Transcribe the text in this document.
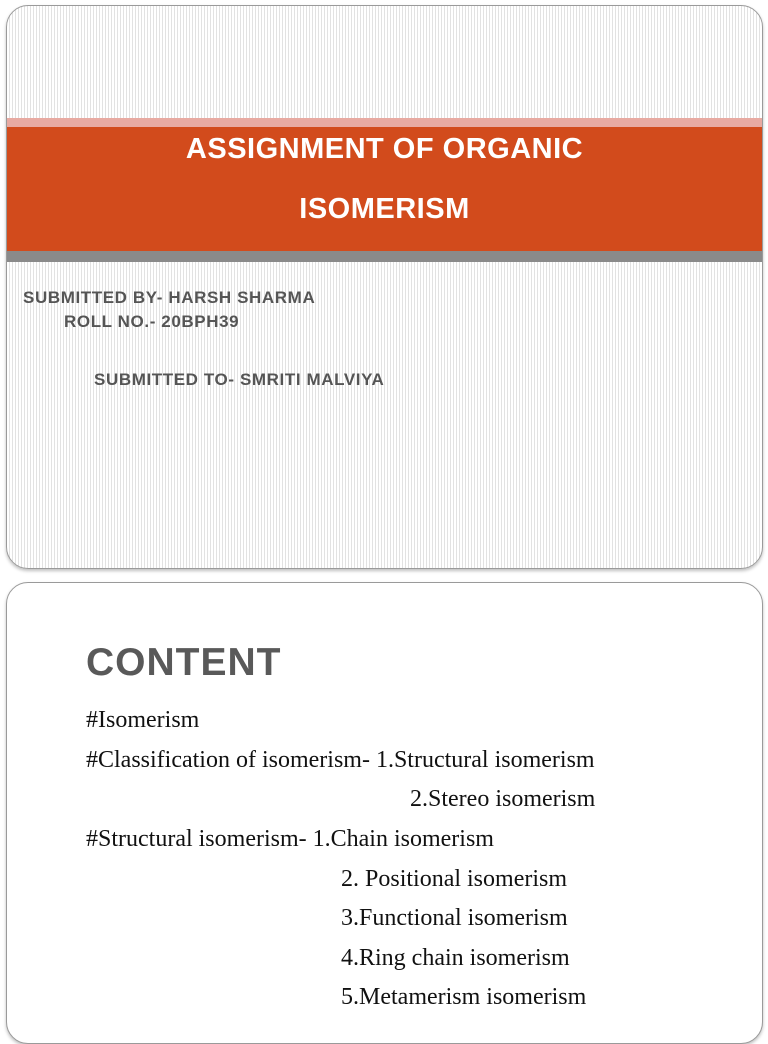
ASSIGNMENT OF ORGANIC
ISOMERISM
SUBMITTED BY- HARSH SHARMA
ROLL NO.- 20BPH39
SUBMITTED TO- SMRITI MALVIYA
CONTENT
#Isomerism
#Classification of isomerism- 1.Structural isomerism
2.Stereo isomerism
#Structural isomerism- 1.Chain isomerism
2. Positional isomerism
3.Functional isomerism
4.Ring chain isomerism
5.Metamerism isomerism
